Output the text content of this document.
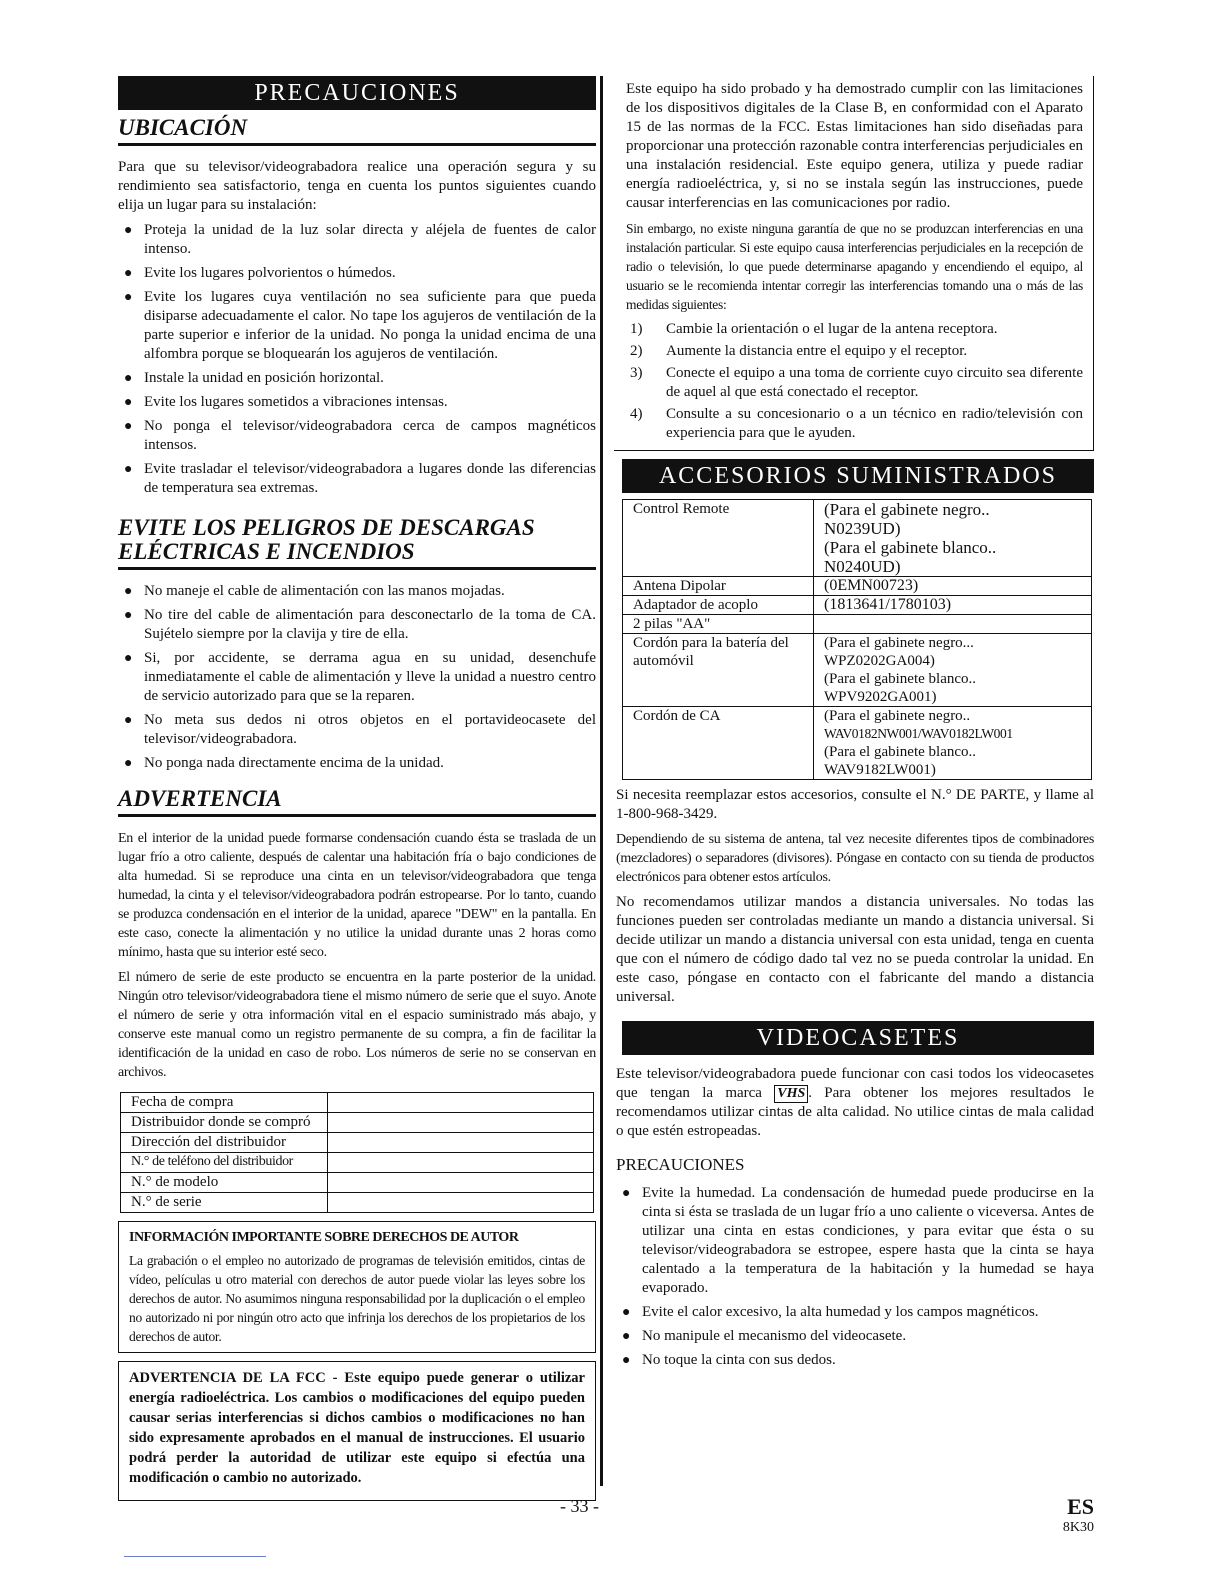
PRECAUCIONES
UBICACIÓN

Para que su televisor/videograbadora realice una operación segura y su rendimiento sea satisfactorio, tenga en cuenta los puntos siguientes cuando elija un lugar para su instalación:

● Proteja la unidad de la luz solar directa y aléjela de fuentes de calor intenso.
● Evite los lugares polvorientos o húmedos.
● Evite los lugares cuya ventilación no sea suficiente para que pueda disiparse adecuadamente el calor. No tape los agujeros de ventilación de la parte superior e inferior de la unidad. No ponga la unidad encima de una alfombra porque se bloquearán los agujeros de ventilación.
● Instale la unidad en posición horizontal.
● Evite los lugares sometidos a vibraciones intensas.
● No ponga el televisor/videograbadora cerca de campos magnéticos intensos.
● Evite trasladar el televisor/videograbadora a lugares donde las diferencias de temperatura sea extremas.
EVITE LOS PELIGROS DE DESCARGAS ELÉCTRICAS E INCENDIOS
● No maneje el cable de alimentación con las manos mojadas.
● No tire del cable de alimentación para desconectarlo de la toma de CA. Sujételo siempre por la clavija y tire de ella.
● Si, por accidente, se derrama agua en su unidad, desenchufe inmediatamente el cable de alimentación y lleve la unidad a nuestro centro de servicio autorizado para que se la reparen.
● No meta sus dedos ni otros objetos en el portavideocasete del televisor/videograbadora.
● No ponga nada directamente encima de la unidad.
ADVERTENCIA

En el interior de la unidad puede formarse condensación cuando ésta se traslada de un lugar frío a otro caliente, después de calentar una habitación fría o bajo condiciones de alta humedad. Si se reproduce una cinta en un televisor/videograbadora que tenga humedad, la cinta y el televisor/videograbadora podrán estropearse. Por lo tanto, cuando se produzca condensación en el interior de la unidad, aparece "DEW" en la pantalla. En este caso, conecte la alimentación y no utilice la unidad durante unas 2 horas como mínimo, hasta que su interior esté seco.

El número de serie de este producto se encuentra en la parte posterior de la unidad. Ningún otro televisor/videograbadora tiene el mismo número de serie que el suyo. Anote el número de serie y otra información vital en el espacio suministrado más abajo, y conserve este manual como un registro permanente de su compra, a fin de facilitar la identificación de la unidad en caso de robo. Los números de serie no se conservan en archivos.

Fecha de compra	
Distribuidor donde se compró	
Dirección del distribuidor	
N.° de teléfono del distribuidor	
N.° de modelo	
N.° de serie	

INFORMACIÓN IMPORTANTE SOBRE DERECHOS DE AUTOR

La grabación o el empleo no autorizado de programas de televisión emitidos, cintas de vídeo, películas u otro material con derechos de autor puede violar las leyes sobre los derechos de autor. No asumimos ninguna responsabilidad por la duplicación o el empleo no autorizado ni por ningún otro acto que infrinja los derechos de los propietarios de los derechos de autor.

ADVERTENCIA DE LA FCC - Este equipo puede generar o utilizar energía radioeléctrica. Los cambios o modificaciones del equipo pueden causar serias interferencias si dichos cambios o modificaciones no han sido expresamente aprobados en el manual de instrucciones. El usuario podrá perder la autoridad de utilizar este equipo si efectúa una modificación o cambio no autorizado.

Este equipo ha sido probado y ha demostrado cumplir con las limitaciones de los dispositivos digitales de la Clase B, en conformidad con el Aparato 15 de las normas de la FCC. Estas limitaciones han sido diseñadas para proporcionar una protección razonable contra interferencias perjudiciales en una instalación residencial. Este equipo genera, utiliza y puede radiar energía radioeléctrica, y, si no se instala según las instrucciones, puede causar interferencias en las comunicaciones por radio.

Sin embargo, no existe ninguna garantía de que no se produzcan interferencias en una instalación particular. Si este equipo causa interferencias perjudiciales en la recepción de radio o televisión, lo que puede determinarse apagando y encendiendo el equipo, al usuario se le recomienda intentar corregir las interferencias tomando una o más de las medidas siguientes:

1) Cambie la orientación o el lugar de la antena receptora.
2) Aumente la distancia entre el equipo y el receptor.
3) Conecte el equipo a una toma de corriente cuyo circuito sea diferente de aquel al que está conectado el receptor.
4) Consulte a su concesionario o a un técnico en radio/televisión con experiencia para que le ayuden.
ACCESORIOS SUMINISTRADOS
Control Remote	(Para el gabinete negro..
N0239UD)
(Para el gabinete blanco..
N0240UD)

Antena Dipolar	(0EMN00723)

Adaptador de acoplo	(1813641/1780103)

2 pilas "AA"	

Cordón para la batería del automóvil	(Para el gabinete negro...
WPZ0202GA004)
(Para el gabinete blanco..
WPV9202GA001)

Cordón de CA	(Para el gabinete negro..
WAV0182NW001/WAV0182LW001
(Para el gabinete blanco..
WAV9182LW001)

Si necesita reemplazar estos accesorios, consulte el N.° DE PARTE, y llame al 1-800-968-3429.

Dependiendo de su sistema de antena, tal vez necesite diferentes tipos de combinadores (mezcladores) o separadores (divisores). Póngase en contacto con su tienda de productos electrónicos para obtener estos artículos.

No recomendamos utilizar mandos a distancia universales. No todas las funciones pueden ser controladas mediante un mando a distancia universal. Si decide utilizar un mando a distancia universal con esta unidad, tenga en cuenta que con el número de código dado tal vez no se pueda controlar la unidad. En este caso, póngase en contacto con el fabricante del mando a distancia universal.

VIDEOCASETES

Este televisor/videograbadora puede funcionar con casi todos los videocasetes que tengan la marca VHS . Para obtener los mejores resultados le recomendamos utilizar cintas de alta calidad. No utilice cintas de mala calidad o que estén estropeadas.

PRECAUCIONES

● Evite la humedad. La condensación de humedad puede producirse en la cinta si ésta se traslada de un lugar frío a uno caliente o viceversa. Antes de utilizar una cinta en estas condiciones, y para evitar que ésta o su televisor/videograbadora se estropee, espere hasta que la cinta se haya calentado a la temperatura de la habitación y la humedad se haya evaporado.
● Evite el calor excesivo, la alta humedad y los campos magnéticos.
● No manipule el mecanismo del videocasete.
● No toque la cinta con sus dedos.
- 33 -	ES
8K30
